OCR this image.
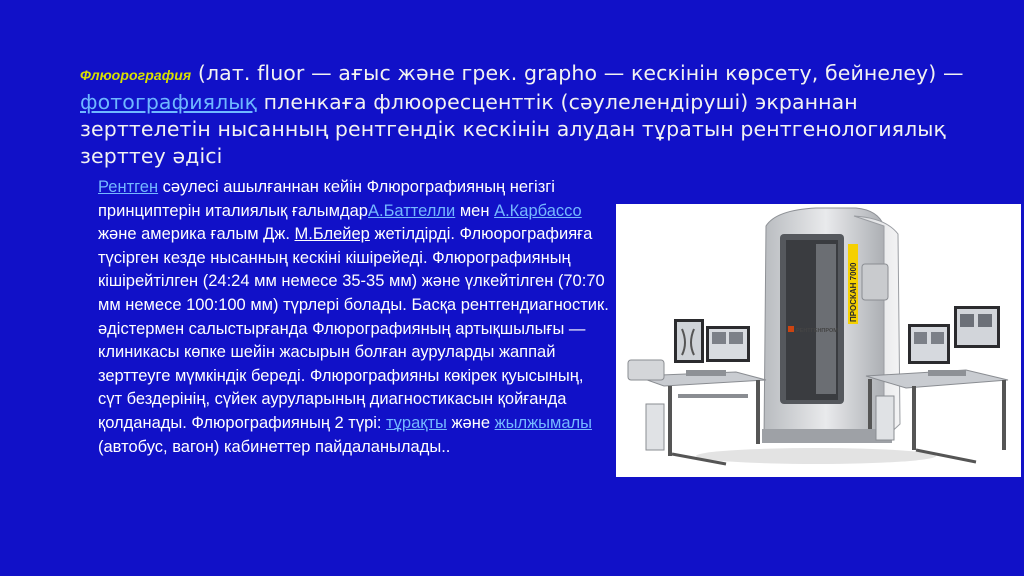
Флюорография (лат. fluor — ағыс және грек. grapho — кескінін көрсету, бейнелеу) — фотографиялық пленкаға флюоресценттік (сәулелендіруші) экраннан зерттелетін нысанның рентгендік кескінін алудан тұратын рентгенологиялық зерттеу әдісі
Рентген сәулесі ашылғаннан кейін Флюрографияның негізгі принциптерін италиялық ғалымдарА.Баттелли мен А.Карбассо және америка ғалым Дж. М.Блейер жетілдірді. Флюорографияға түсірген кезде нысанның кескіні кішірейеді. Флюрографияның кішірейтілген (24:24 мм немесе 35-35 мм) және үлкейтілген (70:70 мм немесе 100:100 мм) түрлері болады. Басқа рентгендиагностик. әдістермен салыстырғанда Флюрографияның артықшылығы — клиникасы көпке шейін жасырын болған ауруларды жаппай зерттеуге мүмкіндік береді. Флюрографияны көкірек қуысының, сүт бездерінің, сүйек ауруларының диагностикасын қойғанда қолданады. Флюрографияның 2 түрі: тұрақты және жылжымалы (автобус, вагон) кабинеттер пайдаланылады..
ПРОСКАН 7000
РЕНТГЕНПРОМ
